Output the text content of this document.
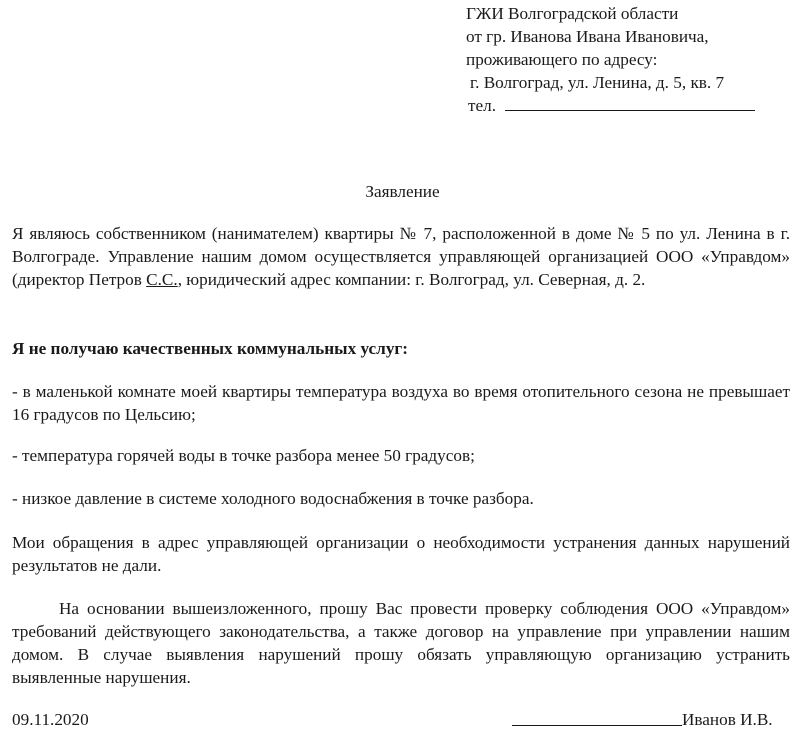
ГЖИ Волгоградской области
от гр. Иванова Ивана Ивановича,
проживающего по адресу:
г. Волгоград, ул. Ленина, д. 5, кв. 7
тел.
Заявление

Я являюсь собственником (нанимателем) квартиры № 7, расположенной в доме № 5 по ул. Ленина в г. Волгограде. Управление нашим домом осуществляется управляющей организацией ООО «Управдом» (директор Петров С.С., юридический адрес компании: г. Волгоград, ул. Северная, д. 2.

Я не получаю качественных коммунальных услуг:
- в маленькой комнате моей квартиры температура воздуха во время отопительного сезона не превышает 16 градусов по Цельсию;
- температура горячей воды в точке разбора менее 50 градусов;
- низкое давление в системе холодного водоснабжения в точке разбора.
Мои обращения в адрес управляющей организации о необходимости устранения данных нарушений результатов не дали.
На основании вышеизложенного, прошу Вас провести проверку соблюдения ООО «Управдом» требований действующего законодательства, а также договор на управление при управлении нашим домом. В случае выявления нарушений прошу обязать управляющую организацию устранить выявленные нарушения.
09.11.2020	Иванов И.В.
